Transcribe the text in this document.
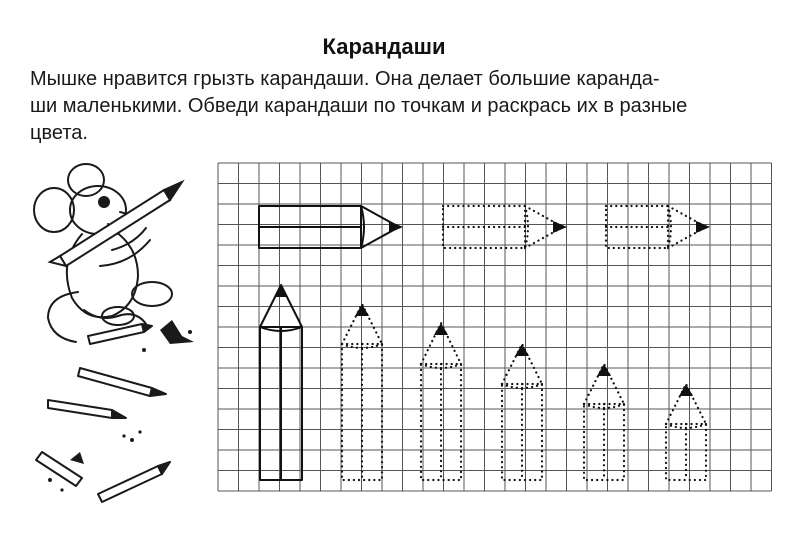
Карандаши
Мышке нравится грызть карандаши. Она делает большие каранда-
ши маленькими. Обведи карандаши по точкам и раскрась их в разные
цвета.
